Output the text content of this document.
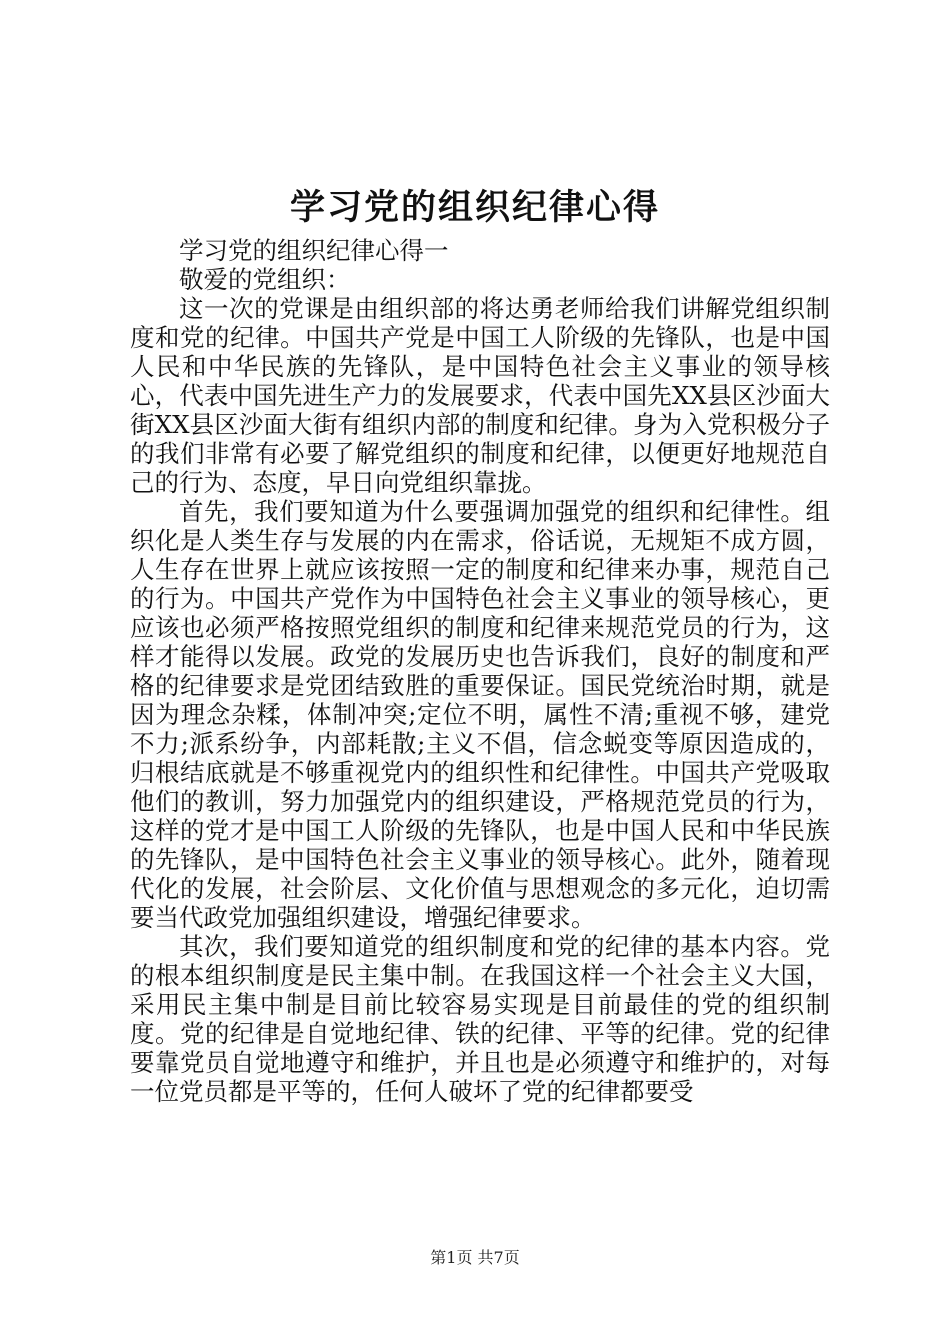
学习党的组织纪律心得

学习党的组织纪律心得一

敬爱的党组织：

这一次的党课是由组织部的将达勇老师给我们讲解党组织制度和党的纪律。中国共产党是中国工人阶级的先锋队，也是中国人民和中华民族的先锋队，是中国特色社会主义事业的领导核心，代表中国先进生产力的发展要求，代表中国先XX县区沙面大街XX县区沙面大街有组织内部的制度和纪律。身为入党积极分子的我们非常有必要了解党组织的制度和纪律，以便更好地规范自己的行为、态度，早日向党组织靠拢。

首先，我们要知道为什么要强调加强党的组织和纪律性。组织化是人类生存与发展的内在需求，俗话说，无规矩不成方圆，人生存在世界上就应该按照一定的制度和纪律来办事，规范自己的行为。中国共产党作为中国特色社会主义事业的领导核心，更应该也必须严格按照党组织的制度和纪律来规范党员的行为，这样才能得以发展。政党的发展历史也告诉我们，良好的制度和严格的纪律要求是党团结致胜的重要保证。国民党统治时期，就是因为理念杂糅，体制冲突;定位不明，属性不清;重视不够，建党不力;派系纷争，内部耗散;主义不倡，信念蜕变等原因造成的，归根结底就是不够重视党内的组织性和纪律性。中国共产党吸取他们的教训，努力加强党内的组织建设，严格规范党员的行为，这样的党才是中国工人阶级的先锋队，也是中国人民和中华民族的先锋队，是中国特色社会主义事业的领导核心。此外，随着现代化的发展，社会阶层、文化价值与思想观念的多元化，迫切需要当代政党加强组织建设，增强纪律要求。

其次，我们要知道党的组织制度和党的纪律的基本内容。党的根本组织制度是民主集中制。在我国这样一个社会主义大国，采用民主集中制是目前比较容易实现是目前最佳的党的组织制度。党的纪律是自觉地纪律、铁的纪律、平等的纪律。党的纪律要靠党员自觉地遵守和维护，并且也是必须遵守和维护的，对每一位党员都是平等的，任何人破坏了党的纪律都要受

第1页 共7页
